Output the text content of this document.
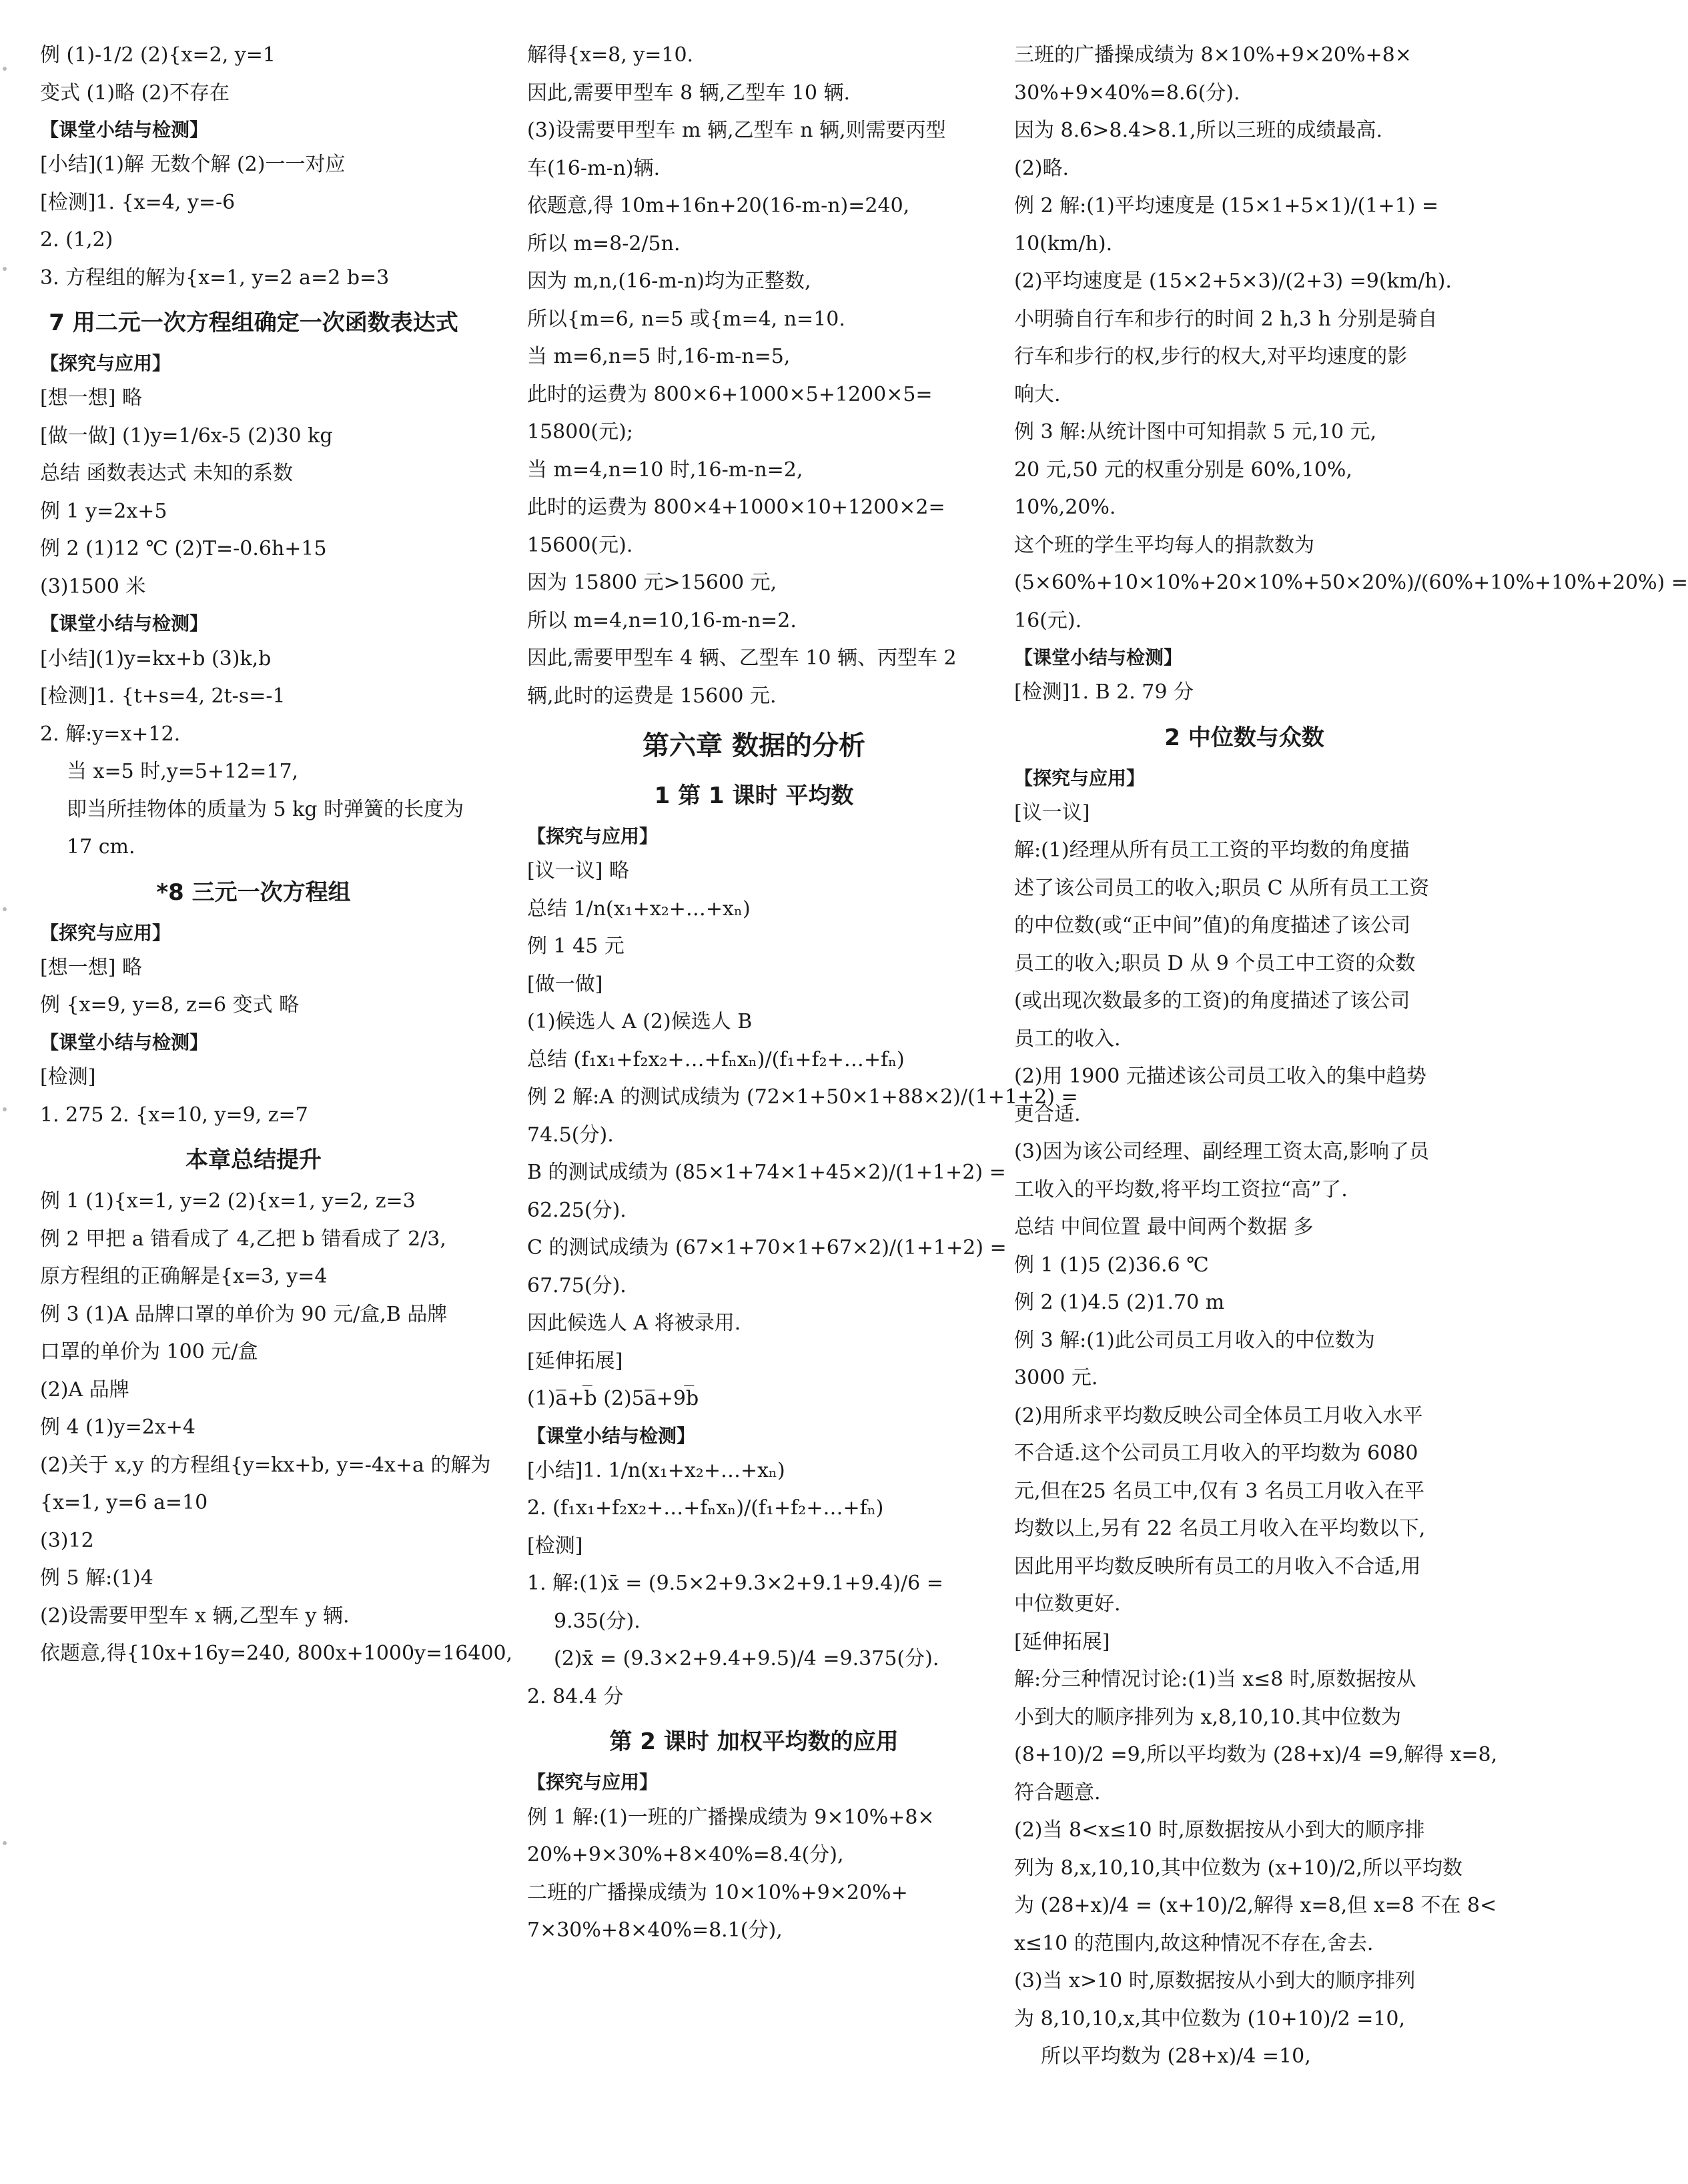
例 (1)-1/2 (2){x=2, y=1
变式 (1)略 (2)不存在
【课堂小结与检测】
[小结](1)解 无数个解 (2)一一对应
[检测]1. {x=4, y=-6
2. (1,2)
3. 方程组的解为{x=1, y=2 a=2 b=3
7 用二元一次方程组确定一次函数表达式
【探究与应用】
[想一想] 略
[做一做] (1)y=1/6x-5 (2)30 kg
总结 函数表达式 未知的系数
例 1 y=2x+5
例 2 (1)12 ℃ (2)T=-0.6h+15
(3)1500 米
【课堂小结与检测】
[小结](1)y=kx+b (3)k,b
[检测]1. {t+s=4, 2t-s=-1
2. 解:y=x+12.
当 x=5 时,y=5+12=17,
即当所挂物体的质量为 5 kg 时弹簧的长度为
17 cm.
*8 三元一次方程组
【探究与应用】
[想一想] 略
例 {x=9, y=8, z=6 变式 略
【课堂小结与检测】
[检测]
1. 275 2. {x=10, y=9, z=7
本章总结提升
例 1 (1){x=1, y=2 (2){x=1, y=2, z=3
例 2 甲把 a 错看成了 4,乙把 b 错看成了 2/3,
原方程组的正确解是{x=3, y=4
例 3 (1)A 品牌口罩的单价为 90 元/盒,B 品牌
口罩的单价为 100 元/盒
(2)A 品牌
例 4 (1)y=2x+4
(2)关于 x,y 的方程组{y=kx+b, y=-4x+a 的解为
{x=1, y=6 a=10
(3)12
例 5 解:(1)4
(2)设需要甲型车 x 辆,乙型车 y 辆.
依题意,得{10x+16y=240, 800x+1000y=16400,
解得{x=8, y=10.
因此,需要甲型车 8 辆,乙型车 10 辆.
(3)设需要甲型车 m 辆,乙型车 n 辆,则需要丙型
车(16-m-n)辆.
依题意,得 10m+16n+20(16-m-n)=240,
所以 m=8-2/5n.
因为 m,n,(16-m-n)均为正整数,
所以{m=6, n=5 或{m=4, n=10.
当 m=6,n=5 时,16-m-n=5,
此时的运费为 800×6+1000×5+1200×5=
15800(元);
当 m=4,n=10 时,16-m-n=2,
此时的运费为 800×4+1000×10+1200×2=
15600(元).
因为 15800 元>15600 元,
所以 m=4,n=10,16-m-n=2.
因此,需要甲型车 4 辆、乙型车 10 辆、丙型车 2
辆,此时的运费是 15600 元.
第六章 数据的分析
1 第 1 课时 平均数
【探究与应用】
[议一议] 略
总结 1/n(x₁+x₂+…+xₙ)
例 1 45 元
[做一做]
(1)候选人 A (2)候选人 B
总结 (f₁x₁+f₂x₂+…+fₙxₙ)/(f₁+f₂+…+fₙ)
例 2 解:A 的测试成绩为 (72×1+50×1+88×2)/(1+1+2) =
74.5(分).
B 的测试成绩为 (85×1+74×1+45×2)/(1+1+2) =
62.25(分).
C 的测试成绩为 (67×1+70×1+67×2)/(1+1+2) =
67.75(分).
因此候选人 A 将被录用.
[延伸拓展]
(1)a̅+b̅ (2)5a̅+9b̅
【课堂小结与检测】
[小结]1. 1/n(x₁+x₂+…+xₙ)
2. (f₁x₁+f₂x₂+…+fₙxₙ)/(f₁+f₂+…+fₙ)
[检测]
1. 解:(1)x̄ = (9.5×2+9.3×2+9.1+9.4)/6 =
9.35(分).
(2)x̄ = (9.3×2+9.4+9.5)/4 =9.375(分).
2. 84.4 分
第 2 课时 加权平均数的应用
【探究与应用】
例 1 解:(1)一班的广播操成绩为 9×10%+8×
20%+9×30%+8×40%=8.4(分),
二班的广播操成绩为 10×10%+9×20%+
7×30%+8×40%=8.1(分),
三班的广播操成绩为 8×10%+9×20%+8×
30%+9×40%=8.6(分).
因为 8.6>8.4>8.1,所以三班的成绩最高.
(2)略.
例 2 解:(1)平均速度是 (15×1+5×1)/(1+1) =
10(km/h).
(2)平均速度是 (15×2+5×3)/(2+3) =9(km/h).
小明骑自行车和步行的时间 2 h,3 h 分别是骑自
行车和步行的权,步行的权大,对平均速度的影
响大.
例 3 解:从统计图中可知捐款 5 元,10 元,
20 元,50 元的权重分别是 60%,10%,
10%,20%.
这个班的学生平均每人的捐款数为
(5×60%+10×10%+20×10%+50×20%)/(60%+10%+10%+20%) =
16(元).
【课堂小结与检测】
[检测]1. B 2. 79 分
2 中位数与众数
【探究与应用】
[议一议]
解:(1)经理从所有员工工资的平均数的角度描
述了该公司员工的收入;职员 C 从所有员工工资
的中位数(或“正中间”值)的角度描述了该公司
员工的收入;职员 D 从 9 个员工中工资的众数
(或出现次数最多的工资)的角度描述了该公司
员工的收入.
(2)用 1900 元描述该公司员工收入的集中趋势
更合适.
(3)因为该公司经理、副经理工资太高,影响了员
工收入的平均数,将平均工资拉“高”了.
总结 中间位置 最中间两个数据 多
例 1 (1)5 (2)36.6 ℃
例 2 (1)4.5 (2)1.70 m
例 3 解:(1)此公司员工月收入的中位数为
3000 元.
(2)用所求平均数反映公司全体员工月收入水平
不合适.这个公司员工月收入的平均数为 6080
元,但在25 名员工中,仅有 3 名员工月收入在平
均数以上,另有 22 名员工月收入在平均数以下,
因此用平均数反映所有员工的月收入不合适,用
中位数更好.
[延伸拓展]
解:分三种情况讨论:(1)当 x≤8 时,原数据按从
小到大的顺序排列为 x,8,10,10.其中位数为
(8+10)/2 =9,所以平均数为 (28+x)/4 =9,解得 x=8,
符合题意.
(2)当 8<x≤10 时,原数据按从小到大的顺序排
列为 8,x,10,10,其中位数为 (x+10)/2,所以平均数
为 (28+x)/4 = (x+10)/2,解得 x=8,但 x=8 不在 8<
x≤10 的范围内,故这种情况不存在,舍去.
(3)当 x>10 时,原数据按从小到大的顺序排列
为 8,10,10,x,其中位数为 (10+10)/2 =10,
所以平均数为 (28+x)/4 =10,
